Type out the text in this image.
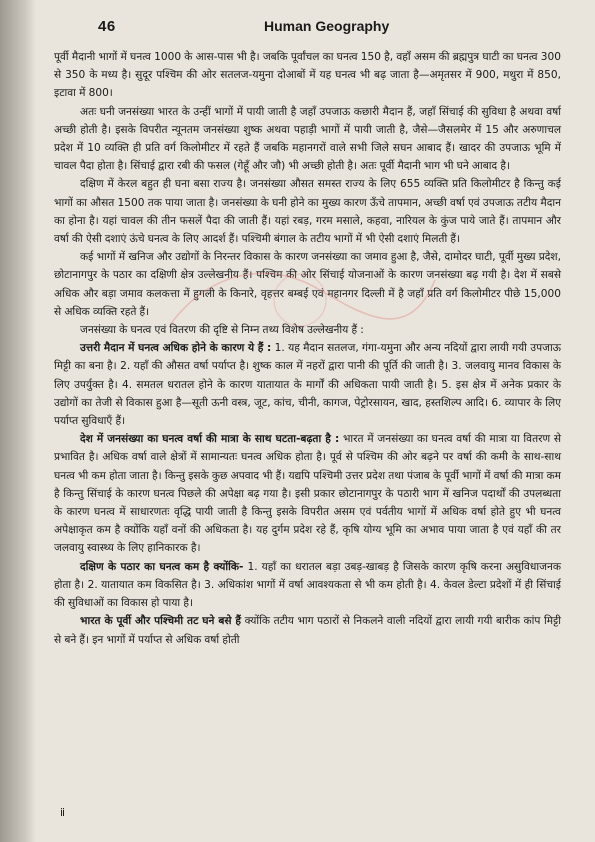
46	Human Geography

पूर्वी मैदानी भागों में घनत्व 1000 के आस-पास भी है। जबकि पूर्वांचल का घनत्व 150 है, वहाँ असम की ब्रह्मपुत्र घाटी का घनत्व 300 से 350 के मध्य है। सुदूर पश्चिम की ओर सतलज-यमुना दोआबों में यह घनत्व भी बढ़ जाता है—अमृतसर में 900, मथुरा में 850, इटावा में 800।

अतः घनी जनसंख्या भारत के उन्हीं भागों में पायी जाती है जहाँ उपजाऊ कछारी मैदान हैं, जहाँ सिंचाई की सुविधा है अथवा वर्षा अच्छी होती है। इसके विपरीत न्यूनतम जनसंख्या शुष्क अथवा पहाड़ी भागों में पायी जाती है, जैसे—जैसलमेर में 15 और अरुणाचल प्रदेश में 10 व्यक्ति ही प्रति वर्ग किलोमीटर में रहते हैं जबकि महानगरों वाले सभी जिले सघन आबाद हैं। खादर की उपजाऊ भूमि में चावल पैदा होता है। सिंचाई द्वारा रबी की फसल (गेहूँ और जौ) भी अच्छी होती है। अतः पूर्वी मैदानी भाग भी घने आबाद है।

दक्षिण में केरल बहुत ही घना बसा राज्य है। जनसंख्या औसत समस्त राज्य के लिए 655 व्यक्ति प्रति किलोमीटर है किन्तु कई भागों का औसत 1500 तक पाया जाता है। जनसंख्या के घनी होने का मुख्य कारण ऊँचे तापमान, अच्छी वर्षा एवं उपजाऊ तटीय मैदान का होना है। यहां चावल की तीन फसलें पैदा की जाती हैं। यहां रबड़, गरम मसाले, कहवा, नारियल के कुंज पाये जाते हैं। तापमान और वर्षा की ऐसी दशाएं ऊंचे घनत्व के लिए आदर्श हैं। पश्चिमी बंगाल के तटीय भागों में भी ऐसी दशाएं मिलती हैं।

कई भागों में खनिज और उद्योगों के निरन्तर विकास के कारण जनसंख्या का जमाव हुआ है, जैसे, दामोदर घाटी, पूर्वी मुख्य प्रदेश, छोटानागपुर के पठार का दक्षिणी क्षेत्र उल्लेखनीय हैं। पश्चिम की ओर सिंचाई योजनाओं के कारण जनसंख्या बढ़ गयी है। देश में सबसे अधिक और बड़ा जमाव कलकत्ता में हुगली के किनारे, वृहत्तर बम्बई एवं महानगर दिल्ली में है जहाँ प्रति वर्ग किलोमीटर पीछे 15,000 से अधिक व्यक्ति रहते हैं।

जनसंख्या के घनत्व एवं वितरण की दृष्टि से निम्न तथ्य विशेष उल्लेखनीय हैं :

उत्तरी मैदान में घनत्व अधिक होने के कारण ये हैं : 1. यह मैदान सतलज, गंगा-यमुना और अन्य नदियों द्वारा लायी गयी उपजाऊ मिट्टी का बना है। 2. यहाँ की औसत वर्षा पर्याप्त है। शुष्क काल में नहरों द्वारा पानी की पूर्ति की जाती है। 3. जलवायु मानव विकास के लिए उपर्युक्त है। 4. समतल धरातल होने के कारण यातायात के मार्गों की अधिकता पायी जाती है। 5. इस क्षेत्र में अनेक प्रकार के उद्योगों का तेजी से विकास हुआ है—सूती ऊनी वस्त्र, जूट, कांच, चीनी, कागज, पेट्रोरसायन, खाद, हस्तशिल्प आदि। 6. व्यापार के लिए पर्याप्त सुविधाएँ हैं।

देश में जनसंख्या का घनत्व वर्षा की मात्रा के साथ घटता-बढ़ता है : भारत में जनसंख्या का घनत्व वर्षा की मात्रा या वितरण से प्रभावित है। अधिक वर्षा वाले क्षेत्रों में सामान्यतः घनत्व अधिक होता है। पूर्व से पश्चिम की ओर बढ़ने पर वर्षा की कमी के साथ-साथ घनत्व भी कम होता जाता है। किन्तु इसके कुछ अपवाद भी हैं। यद्यपि पश्चिमी उत्तर प्रदेश तथा पंजाब के पूर्वी भागों में वर्षा की मात्रा कम है किन्तु सिंचाई के कारण घनत्व पिछले की अपेक्षा बढ़ गया है। इसी प्रकार छोटानागपुर के पठारी भाग में खनिज पदार्थों की उपलब्धता के कारण घनत्व में साधारणतः वृद्धि पायी जाती है किन्तु इसके विपरीत असम एवं पर्वतीय भागों में अधिक वर्षा होते हुए भी घनत्व अपेक्षाकृत कम है क्योंकि यहाँ वनों की अधिकता है। यह दुर्गम प्रदेश रहे हैं, कृषि योग्य भूमि का अभाव पाया जाता है एवं यहाँ की तर जलवायु स्वास्थ्य के लिए हानिकारक है।

दक्षिण के पठार का घनत्व कम है क्योंकि- 1. यहाँ का धरातल बड़ा उबड़-खाबड़ है जिसके कारण कृषि करना असुविधाजनक होता है। 2. यातायात कम विकसित है। 3. अधिकांश भागों में वर्षा आवश्यकता से भी कम होती है। 4. केवल डेल्टा प्रदेशों में ही सिंचाई की सुविधाओं का विकास हो पाया है।

भारत के पूर्वी और पश्चिमी तट घने बसे हैं क्योंकि तटीय भाग पठारों से निकलने वाली नदियों द्वारा लायी गयी बारीक कांप मिट्टी से बने हैं। इन भागों में पर्याप्त से अधिक वर्षा होती

ⅱ
